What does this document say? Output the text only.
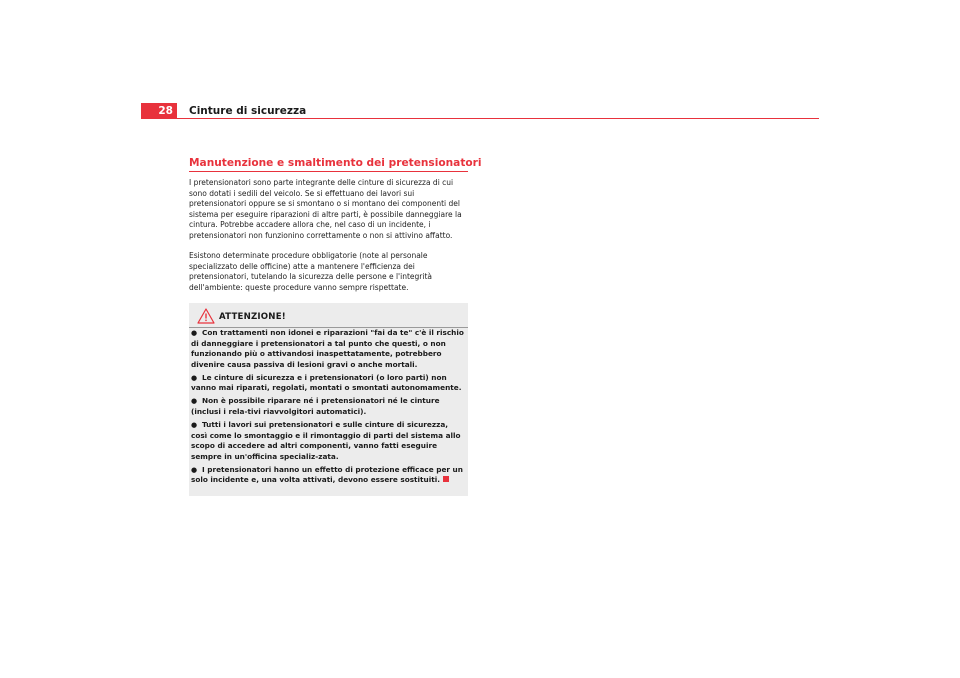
28	Cinture di sicurezza
Manutenzione e smaltimento dei pretensionatori

I pretensionatori sono parte integrante delle cinture di sicurezza di cui sono dotati i sedili del veicolo. Se si effettuano dei lavori sui pretensionatori oppure se si smontano o si montano dei componenti del sistema per eseguire riparazioni di altre parti, è possibile danneggiare la cintura. Potrebbe accadere allora che, nel caso di un incidente, i pretensionatori non funzionino correttamente o non si attivino affatto.

Esistono determinate procedure obbligatorie (note al personale specializzato delle officine) atte a mantenere l'efficienza dei pretensionatori, tutelando la sicurezza delle persone e l'integrità dell'ambiente: queste procedure vanno sempre rispettate.

ATTENZIONE!
● Con trattamenti non idonei e riparazioni "fai da te" c'è il rischio di danneggiare i pretensionatori a tal punto che questi, o non funzionando più o attivandosi inaspettatamente, potrebbero divenire causa passiva di lesioni gravi o anche mortali.
● Le cinture di sicurezza e i pretensionatori (o loro parti) non vanno mai riparati, regolati, montati o smontati autonomamente.
● Non è possibile riparare né i pretensionatori né le cinture (inclusi i rela-tivi riavvolgitori automatici).
● Tutti i lavori sui pretensionatori e sulle cinture di sicurezza, così come lo smontaggio e il rimontaggio di parti del sistema allo scopo di accedere ad altri componenti, vanno fatti eseguire sempre in un'officina specializ-zata.
● I pretensionatori hanno un effetto di protezione efficace per un solo incidente e, una volta attivati, devono essere sostituiti.
